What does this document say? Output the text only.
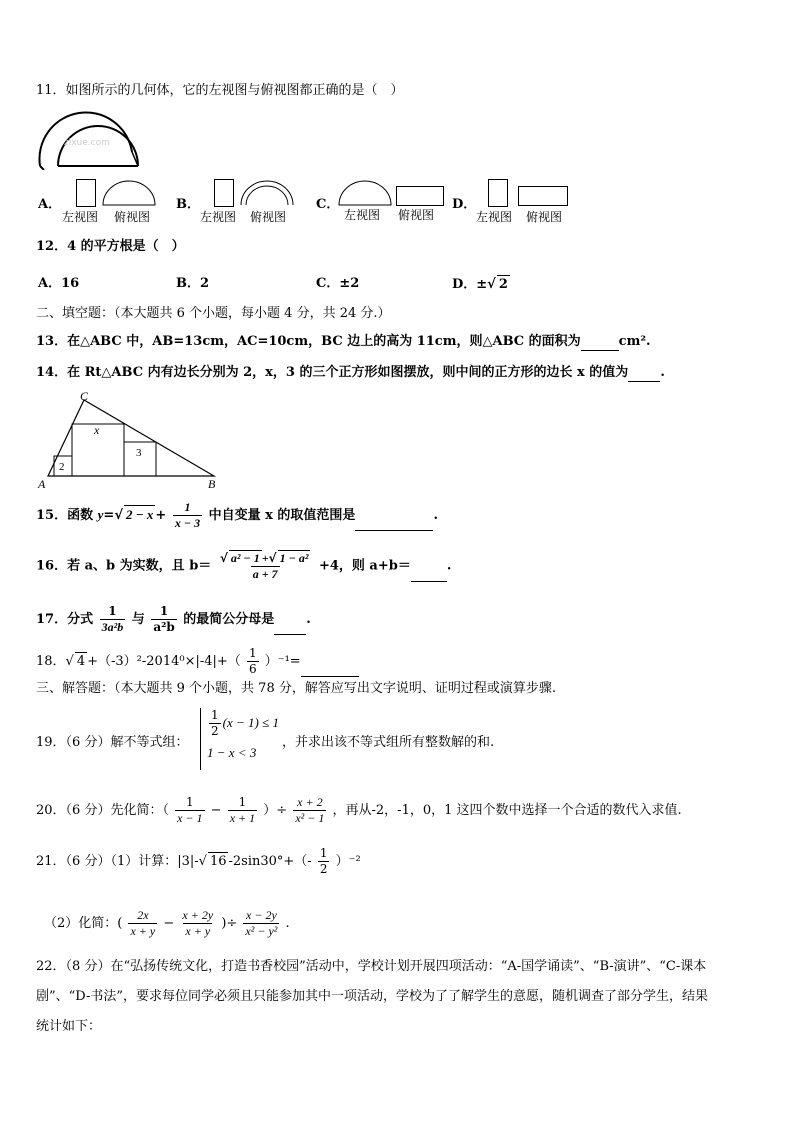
11．如图所示的几何体，它的左视图与俯视图都正确的是（　）
zixue.com
A．
左视图 俯视图
B．
左视图 俯视图
C．
左视图 俯视图
D．
左视图 俯视图
12．4 的平方根是（　）
A．16	B．2	C．±2	D．±√ 2
二、填空题：（本大题共 6 个小题，每小题 4 分，共 24 分.）
13．在△ABC 中，AB=13cm，AC=10cm，BC 边上的高为 11cm，则△ABC 的面积为	cm².
14．在 Rt△ABC 内有边长分别为 2，x，3 的三个正方形如图摆放，则中间的正方形的边长 x 的值为 .
C
A	B
2
x
3
15．函数 y=√ $2 - x + \frac{1}{x - 3}$ 中自变量 x 的取值范围是	.
16．若 a、b 为实数，且 $b= \frac{\text{√ a² − 1 +√ 1 − a²}}{a + 7} +4$，则 a+b＝	.
17．分式 $\frac{1}{\text{3a²b}}$ 与 $\frac{1}{\text{a²b}}$ 的最简公分母是 .
18．√ $4 +(-3)^2-2014^0\times|-4|+( \frac{1}{6} )^{-1}=$
三、解答题：（本大题共 9 个小题，共 78 分，解答应写出文字说明、证明过程或演算步骤.
19．（6 分）解不等式组：
$\frac{1}{2} (x - 1) \le 1$
1 − x < 3
，并求出该不等式组所有整数解的和.
20．（6 分）先化简：（ $\frac{1}{x - 1} - \frac{1}{x + 1}$ ）÷ $\frac{x + 2}{\text{x² − 1}}$ ，再从-2，-1，0，1 这四个数中选择一个合适的数代入求值.
21．（6 分）（1）计算：|3|-√ 16 $-2\sin 30^\circ+(- \frac{1}{2} )^{-2}$
（2）化简：( $\frac{2x}{x + y} - \frac{x + 2y}{x + y}$ )÷ $\frac{x - 2y}{\text{x² − y²}}$ .
22．（8 分）在“弘扬传统文化，打造书香校园”活动中，学校计划开展四项活动：“A-国学诵读”、“B-演讲”、“C-课本
剧”、“D-书法”，要求每位同学必须且只能参加其中一项活动，学校为了了解学生的意愿，随机调查了部分学生，结果
统计如下：
